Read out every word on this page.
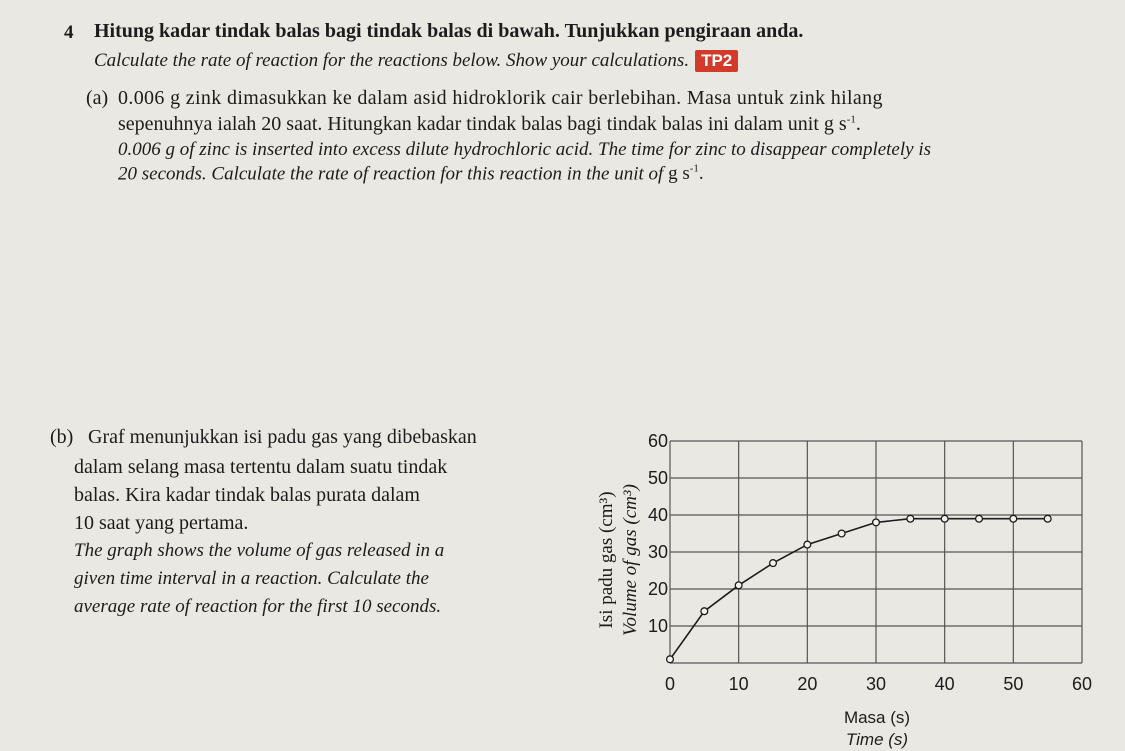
4 Hitung kadar tindak balas bagi tindak balas di bawah. Tunjukkan pengiraan anda.
Calculate the rate of reaction for the reactions below. Show your calculations. TP2
(a) 0.006 g zink dimasukkan ke dalam asid hidroklorik cair berlebihan. Masa untuk zink hilang
sepenuhnya ialah 20 saat. Hitungkan kadar tindak balas bagi tindak balas ini dalam unit g $s^{-1}$.
0.006 g of zinc is inserted into excess dilute hydrochloric acid. The time for zinc to disappear completely is
20 seconds. Calculate the rate of reaction for this reaction in the unit of g $s^{-1}$.
(b) Graf menunjukkan isi padu gas yang dibebaskan
dalam selang masa tertentu dalam suatu tindak
balas. Kira kadar tindak balas purata dalam
10 saat yang pertama.
The graph shows the volume of gas released in a
given time interval in a reaction. Calculate the
average rate of reaction for the first 10 seconds.
0	10	20	30	40	50	60
10
20
30
40
50
60
Isi padu gas (cm³) Volume of gas (cm³)
Masa (s)
Time (s)
